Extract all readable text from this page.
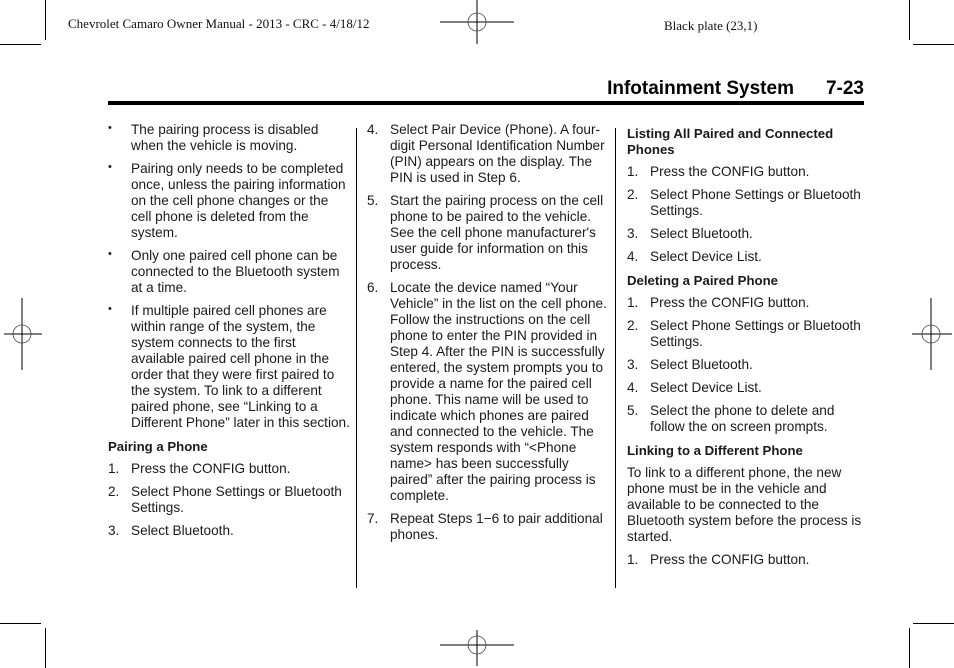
Chevrolet Camaro Owner Manual - 2013 - CRC - 4/18/12	Black plate (23,1)
Infotainment System 7-23
• The pairing process is disabled when the vehicle is moving.
• Pairing only needs to be completed once, unless the pairing information on the cell phone changes or the cell phone is deleted from the system.
• Only one paired cell phone can be connected to the Bluetooth system at a time.
• If multiple paired cell phones are within range of the system, the system connects to the first available paired cell phone in the order that they were first paired to the system. To link to a different paired phone, see “Linking to a Different Phone” later in this section.
Pairing a Phone
1. Press the CONFIG button.
2. Select Phone Settings or Bluetooth Settings.
3. Select Bluetooth.
4. Select Pair Device (Phone). A four-digit Personal Identification Number (PIN) appears on the display. The PIN is used in Step 6.
5. Start the pairing process on the cell phone to be paired to the vehicle. See the cell phone manufacturer's user guide for information on this process.
6. Locate the device named “Your Vehicle” in the list on the cell phone. Follow the instructions on the cell phone to enter the PIN provided in Step 4. After the PIN is successfully entered, the system prompts you to provide a name for the paired cell phone. This name will be used to indicate which phones are paired and connected to the vehicle. The system responds with “<Phone name> has been successfully paired” after the pairing process is complete.
7. Repeat Steps 1−6 to pair additional phones.
Listing All Paired and Connected Phones
1. Press the CONFIG button.
2. Select Phone Settings or Bluetooth Settings.
3. Select Bluetooth.
4. Select Device List.
Deleting a Paired Phone
1. Press the CONFIG button.
2. Select Phone Settings or Bluetooth Settings.
3. Select Bluetooth.
4. Select Device List.
5. Select the phone to delete and follow the on screen prompts.
Linking to a Different Phone
To link to a different phone, the new phone must be in the vehicle and available to be connected to the Bluetooth system before the process is started.
1. Press the CONFIG button.
